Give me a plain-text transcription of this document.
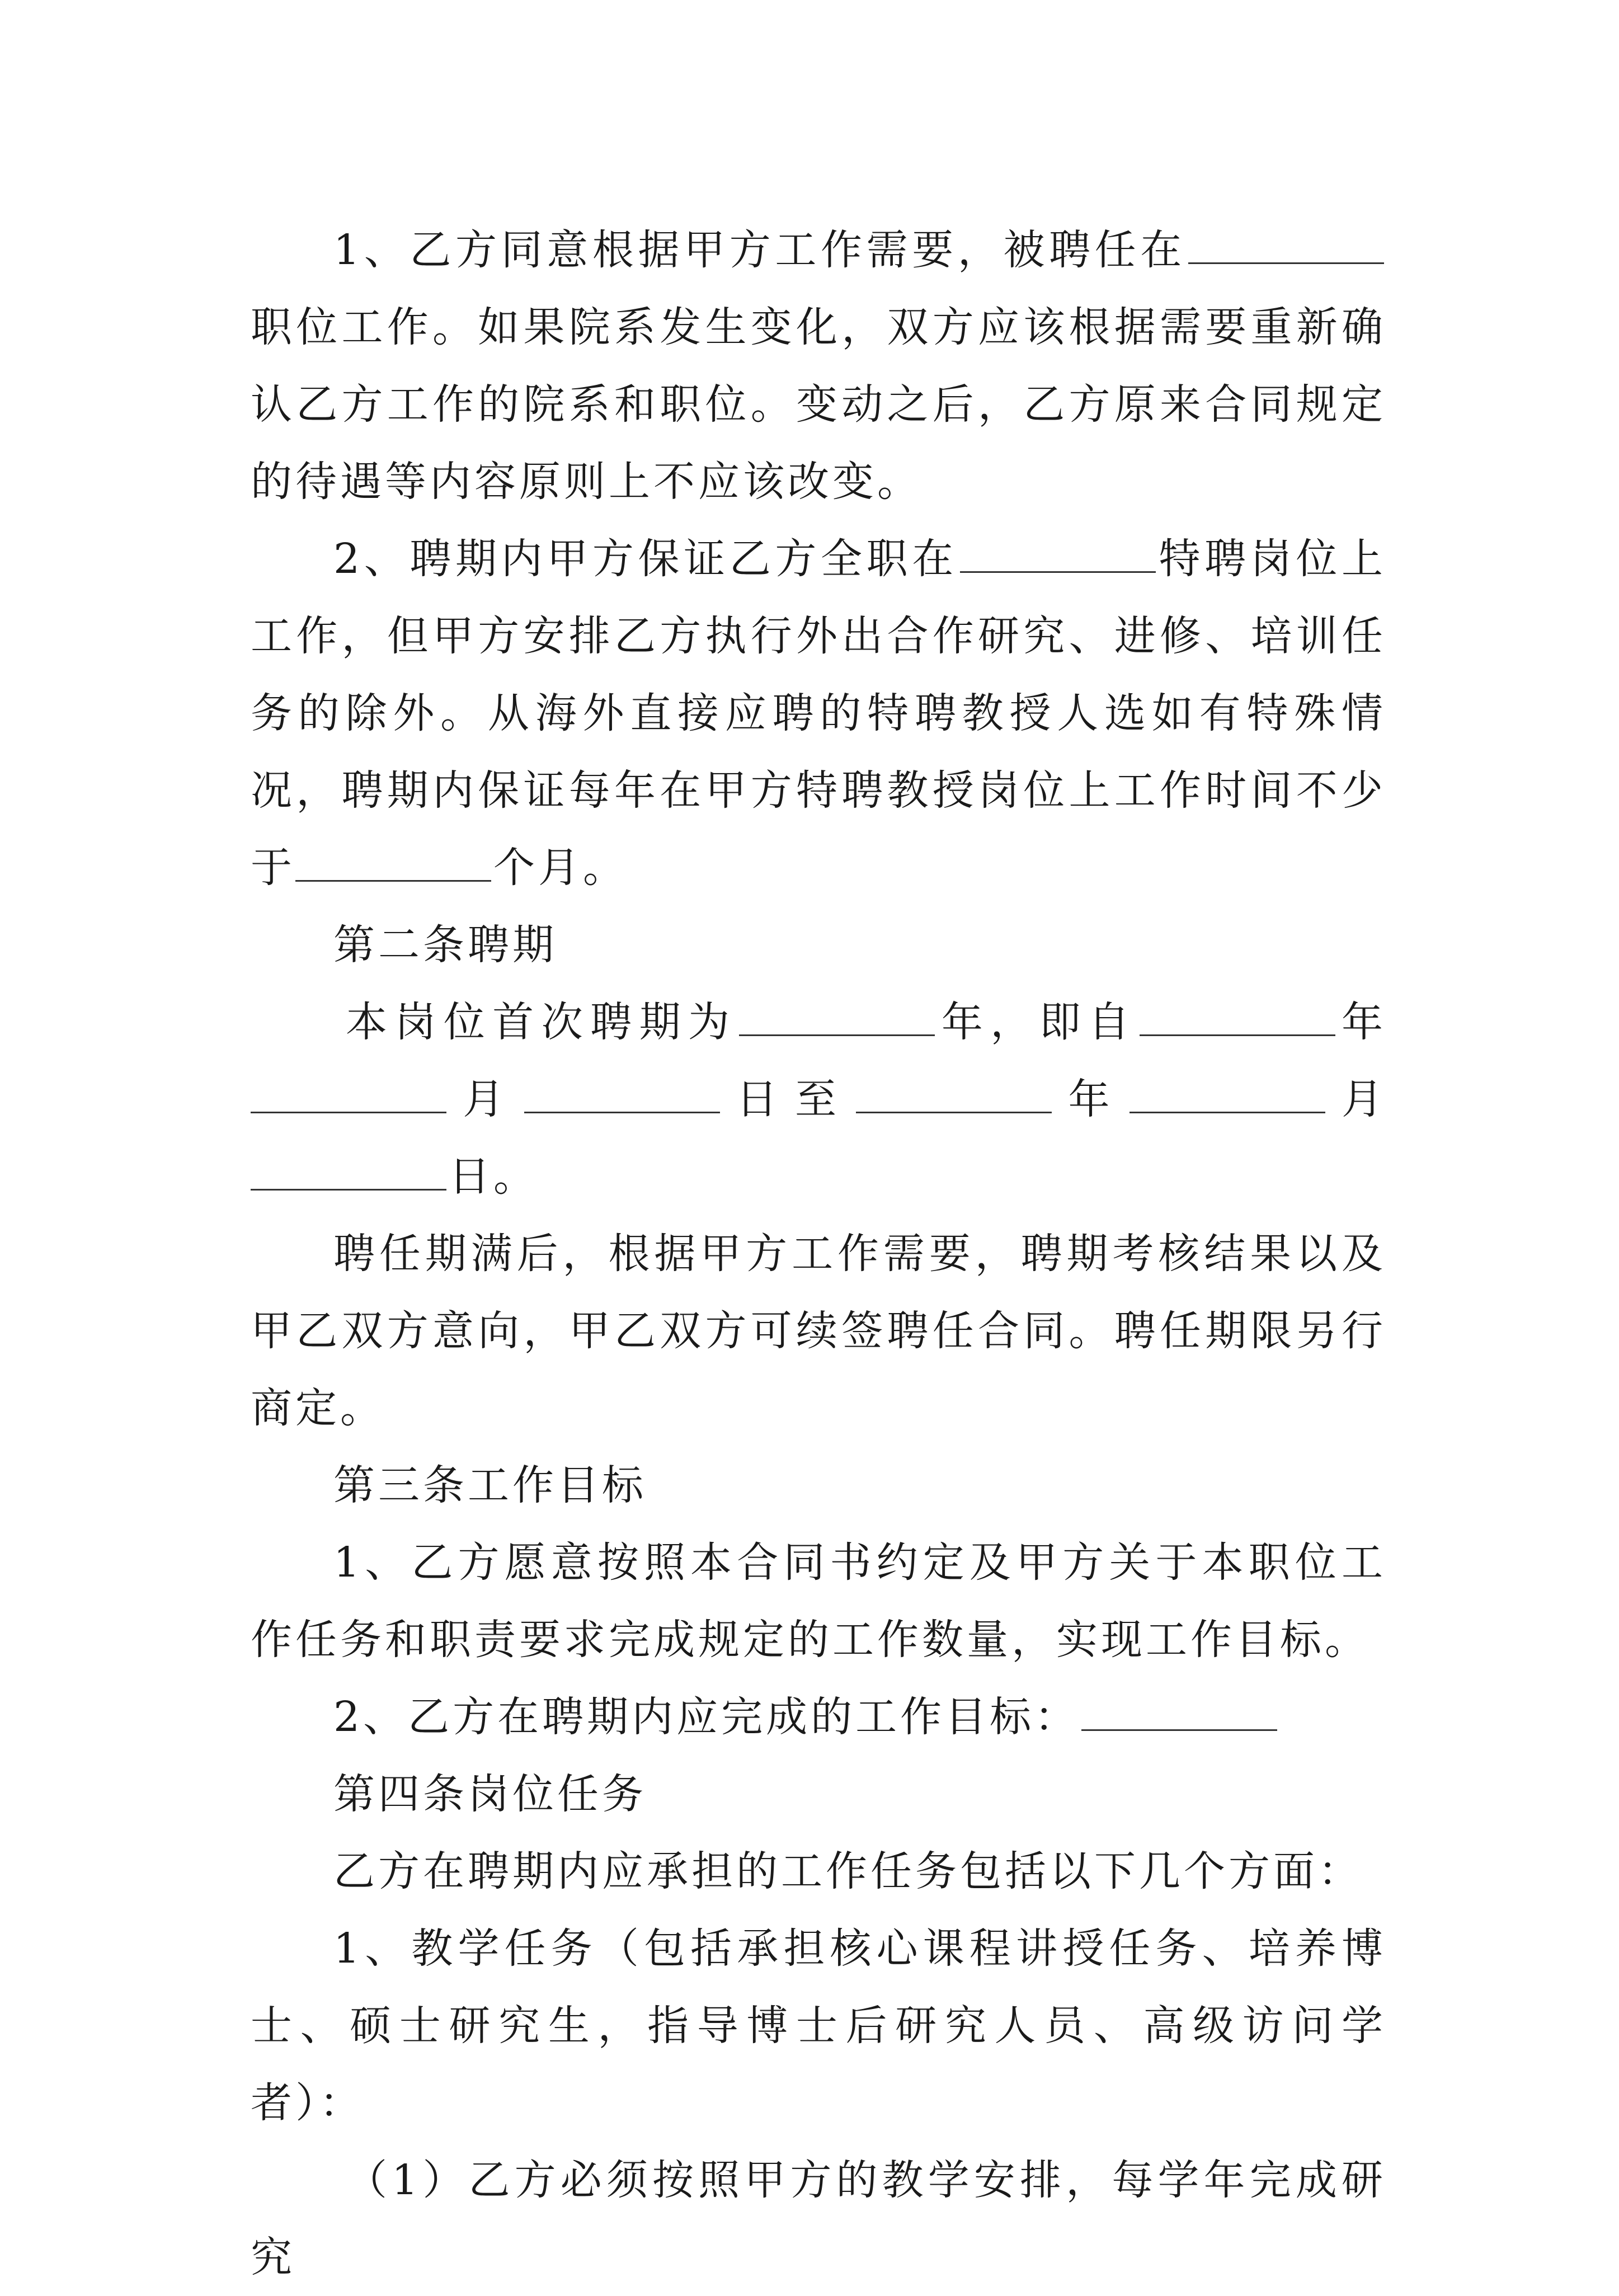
1、乙方同意根据甲方工作需要，被聘任在职位工作。如果院系发生变化，双方应该根据需要重新确认乙方工作的院系和职位。变动之后，乙方原来合同规定的待遇等内容原则上不应该改变。

2、聘期内甲方保证乙方全职在	特聘岗位上工作，但甲方安排乙方执行外出合作研究、进修、培训任务的除外。从海外直接应聘的特聘教授人选如有特殊情况，聘期内保证每年在甲方特聘教授岗位上工作时间不少于	个月。

第二条聘期

本岗位首次聘期为	年，即自	年
月	日至	年	月
日。

聘任期满后，根据甲方工作需要，聘期考核结果以及甲乙双方意向，甲乙双方可续签聘任合同。聘任期限另行商定。

第三条工作目标

1、乙方愿意按照本合同书约定及甲方关于本职位工作任务和职责要求完成规定的工作数量，实现工作目标。

2、乙方在聘期内应完成的工作目标：

第四条岗位任务

乙方在聘期内应承担的工作任务包括以下几个方面：

1、教学任务（包括承担核心课程讲授任务、培养博士、硕士研究生，指导博士后研究人员、高级访问学者）：

（1）乙方必须按照甲方的教学安排，每学年完成研究
